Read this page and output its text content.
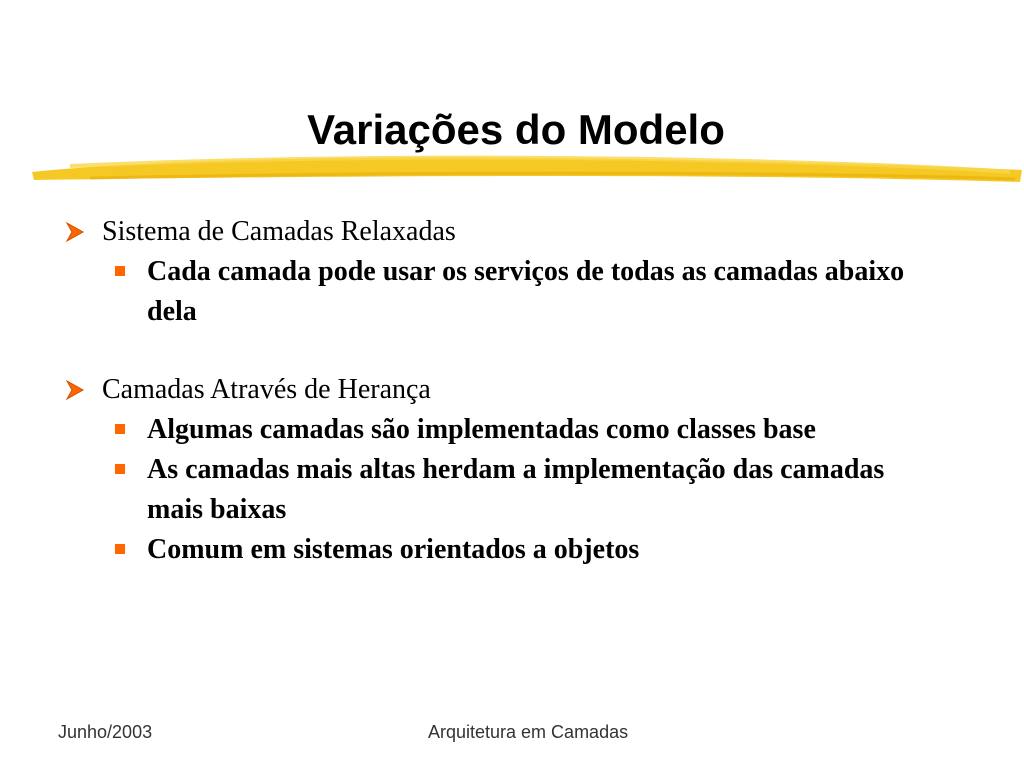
Variações do Modelo
Sistema de Camadas Relaxadas
Cada camada pode usar os serviços de todas as camadas abaixo dela
Camadas Através de Herança
Algumas camadas são implementadas como classes base
As camadas mais altas herdam a implementação das camadas mais baixas
Comum em sistemas orientados a objetos
Junho/2003	Arquitetura em Camadas
